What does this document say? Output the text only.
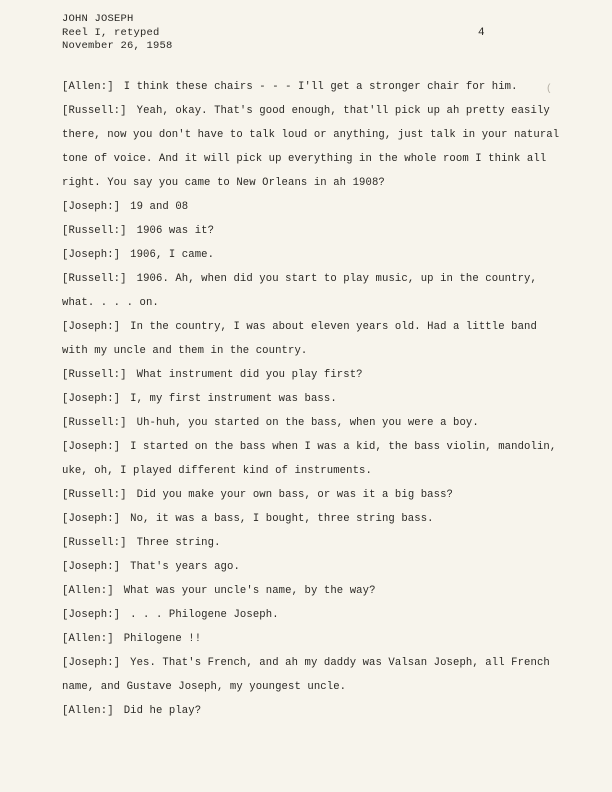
JOHN JOSEPH
Reel I, retyped
November 26, 1958
4
(
[ Allen: ] I think these chairs - - - I'll get a stronger chair for him.
[ Russell: ] Yeah, okay. That's good enough, that'll pick up ah pretty easily
there, now you don't have to talk loud or anything, just talk in your natural
tone of voice. And it will pick up everything in the whole room I think all
right. You say you came to New Orleans in ah 1908?
[ Joseph: ] 19 and 08
[ Russell: ] 1906 was it?
[ Joseph: ] 1906, I came.
[ Russell: ] 1906. Ah, when did you start to play music, up in the country,
what. . . . on.
[ Joseph: ] In the country, I was about eleven years old. Had a little band
with my uncle and them in the country.
[ Russell: ] What instrument did you play first?
[ Joseph: ] I, my first instrument was bass.
[ Russell: ] Uh-huh, you started on the bass, when you were a boy.
[ Joseph: ] I started on the bass when I was a kid, the bass violin, mandolin,
uke, oh, I played different kind of instruments.
[ Russell: ] Did you make your own bass, or was it a big bass?
[ Joseph: ] No, it was a bass, I bought, three string bass.
[ Russell: ] Three string.
[ Joseph: ] That's years ago.
[ Allen: ] What was your uncle's name, by the way?
[ Joseph: ] . . . Philogene Joseph.
[ Allen: ] Philogene !!
[ Joseph: ] Yes. That's French, and ah my daddy was Valsan Joseph, all French
name, and Gustave Joseph, my youngest uncle.
[ Allen: ] Did he play?
